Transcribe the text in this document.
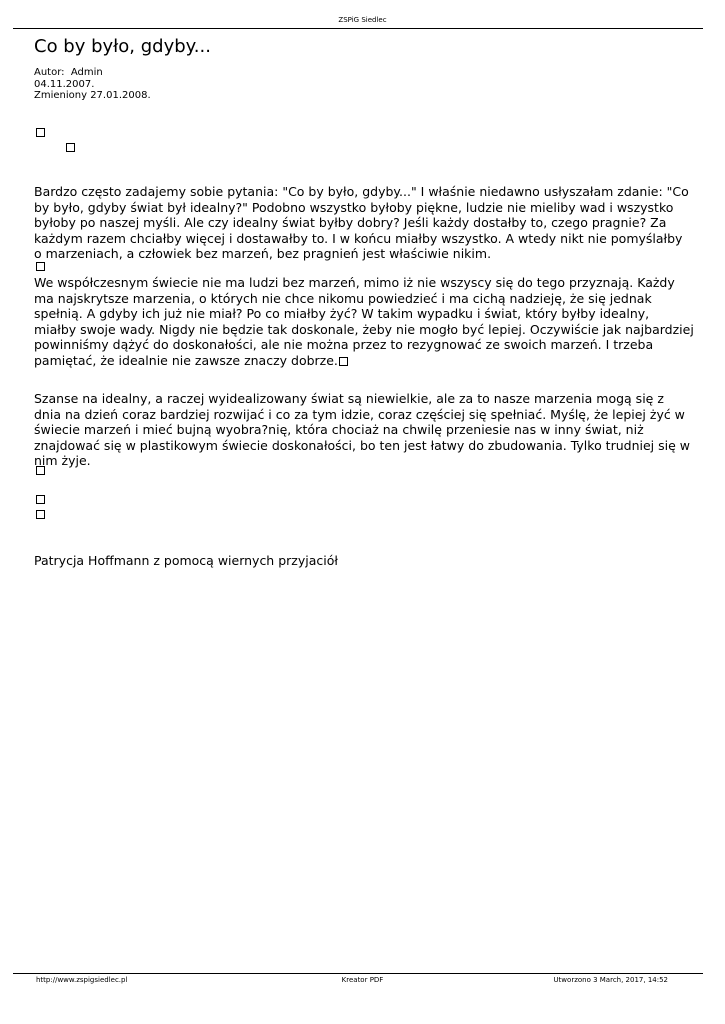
ZSPiG Siedlec
Co by było, gdyby...
Autor:  Admin
04.11.2007.
Zmieniony 27.01.2008.

Bardzo często zadajemy sobie pytania: "Co by było, gdyby..." I właśnie niedawno usłyszałam zdanie: "Co by było, gdyby świat był idealny?" Podobno wszystko byłoby piękne, ludzie nie mieliby wad i wszystko byłoby po naszej myśli. Ale czy idealny świat byłby dobry? Jeśli każdy dostałby to, czego pragnie? Za każdym razem chciałby więcej i dostawałby to. I w końcu miałby wszystko. A wtedy nikt nie pomyślałby o marzeniach, a człowiek bez marzeń, bez pragnień jest właściwie nikim.

We współczesnym świecie nie ma ludzi bez marzeń, mimo iż nie wszyscy się do tego przyznają. Każdy ma najskrytsze marzenia, o których nie chce nikomu powiedzieć i ma cichą nadzieję, że się jednak spełnią. A gdyby ich już nie miał? Po co miałby żyć? W takim wypadku i świat, który byłby idealny, miałby swoje wady. Nigdy nie będzie tak doskonale, żeby nie mogło być lepiej. Oczywiście jak najbardziej powinniśmy dążyć do doskonałości, ale nie można przez to rezygnować ze swoich marzeń. I trzeba pamiętać, że idealnie nie zawsze znaczy dobrze.

Szanse na idealny, a raczej wyidealizowany świat są niewielkie, ale za to nasze marzenia mogą się z dnia na dzień coraz bardziej rozwijać i co za tym idzie, coraz częściej się spełniać. Myślę, że lepiej żyć w świecie marzeń i mieć bujną wyobra?nię, która chociaż na chwilę przeniesie nas w inny świat, niż znajdować się w plastikowym świecie doskonałości, bo ten jest łatwy do zbudowania. Tylko trudniej się w nim żyje.

Patrycja Hoffmann z pomocą wiernych przyjaciół

http://www.zspigsiedlec.pl	Kreator PDF	Utworzono 3 March, 2017, 14:52
